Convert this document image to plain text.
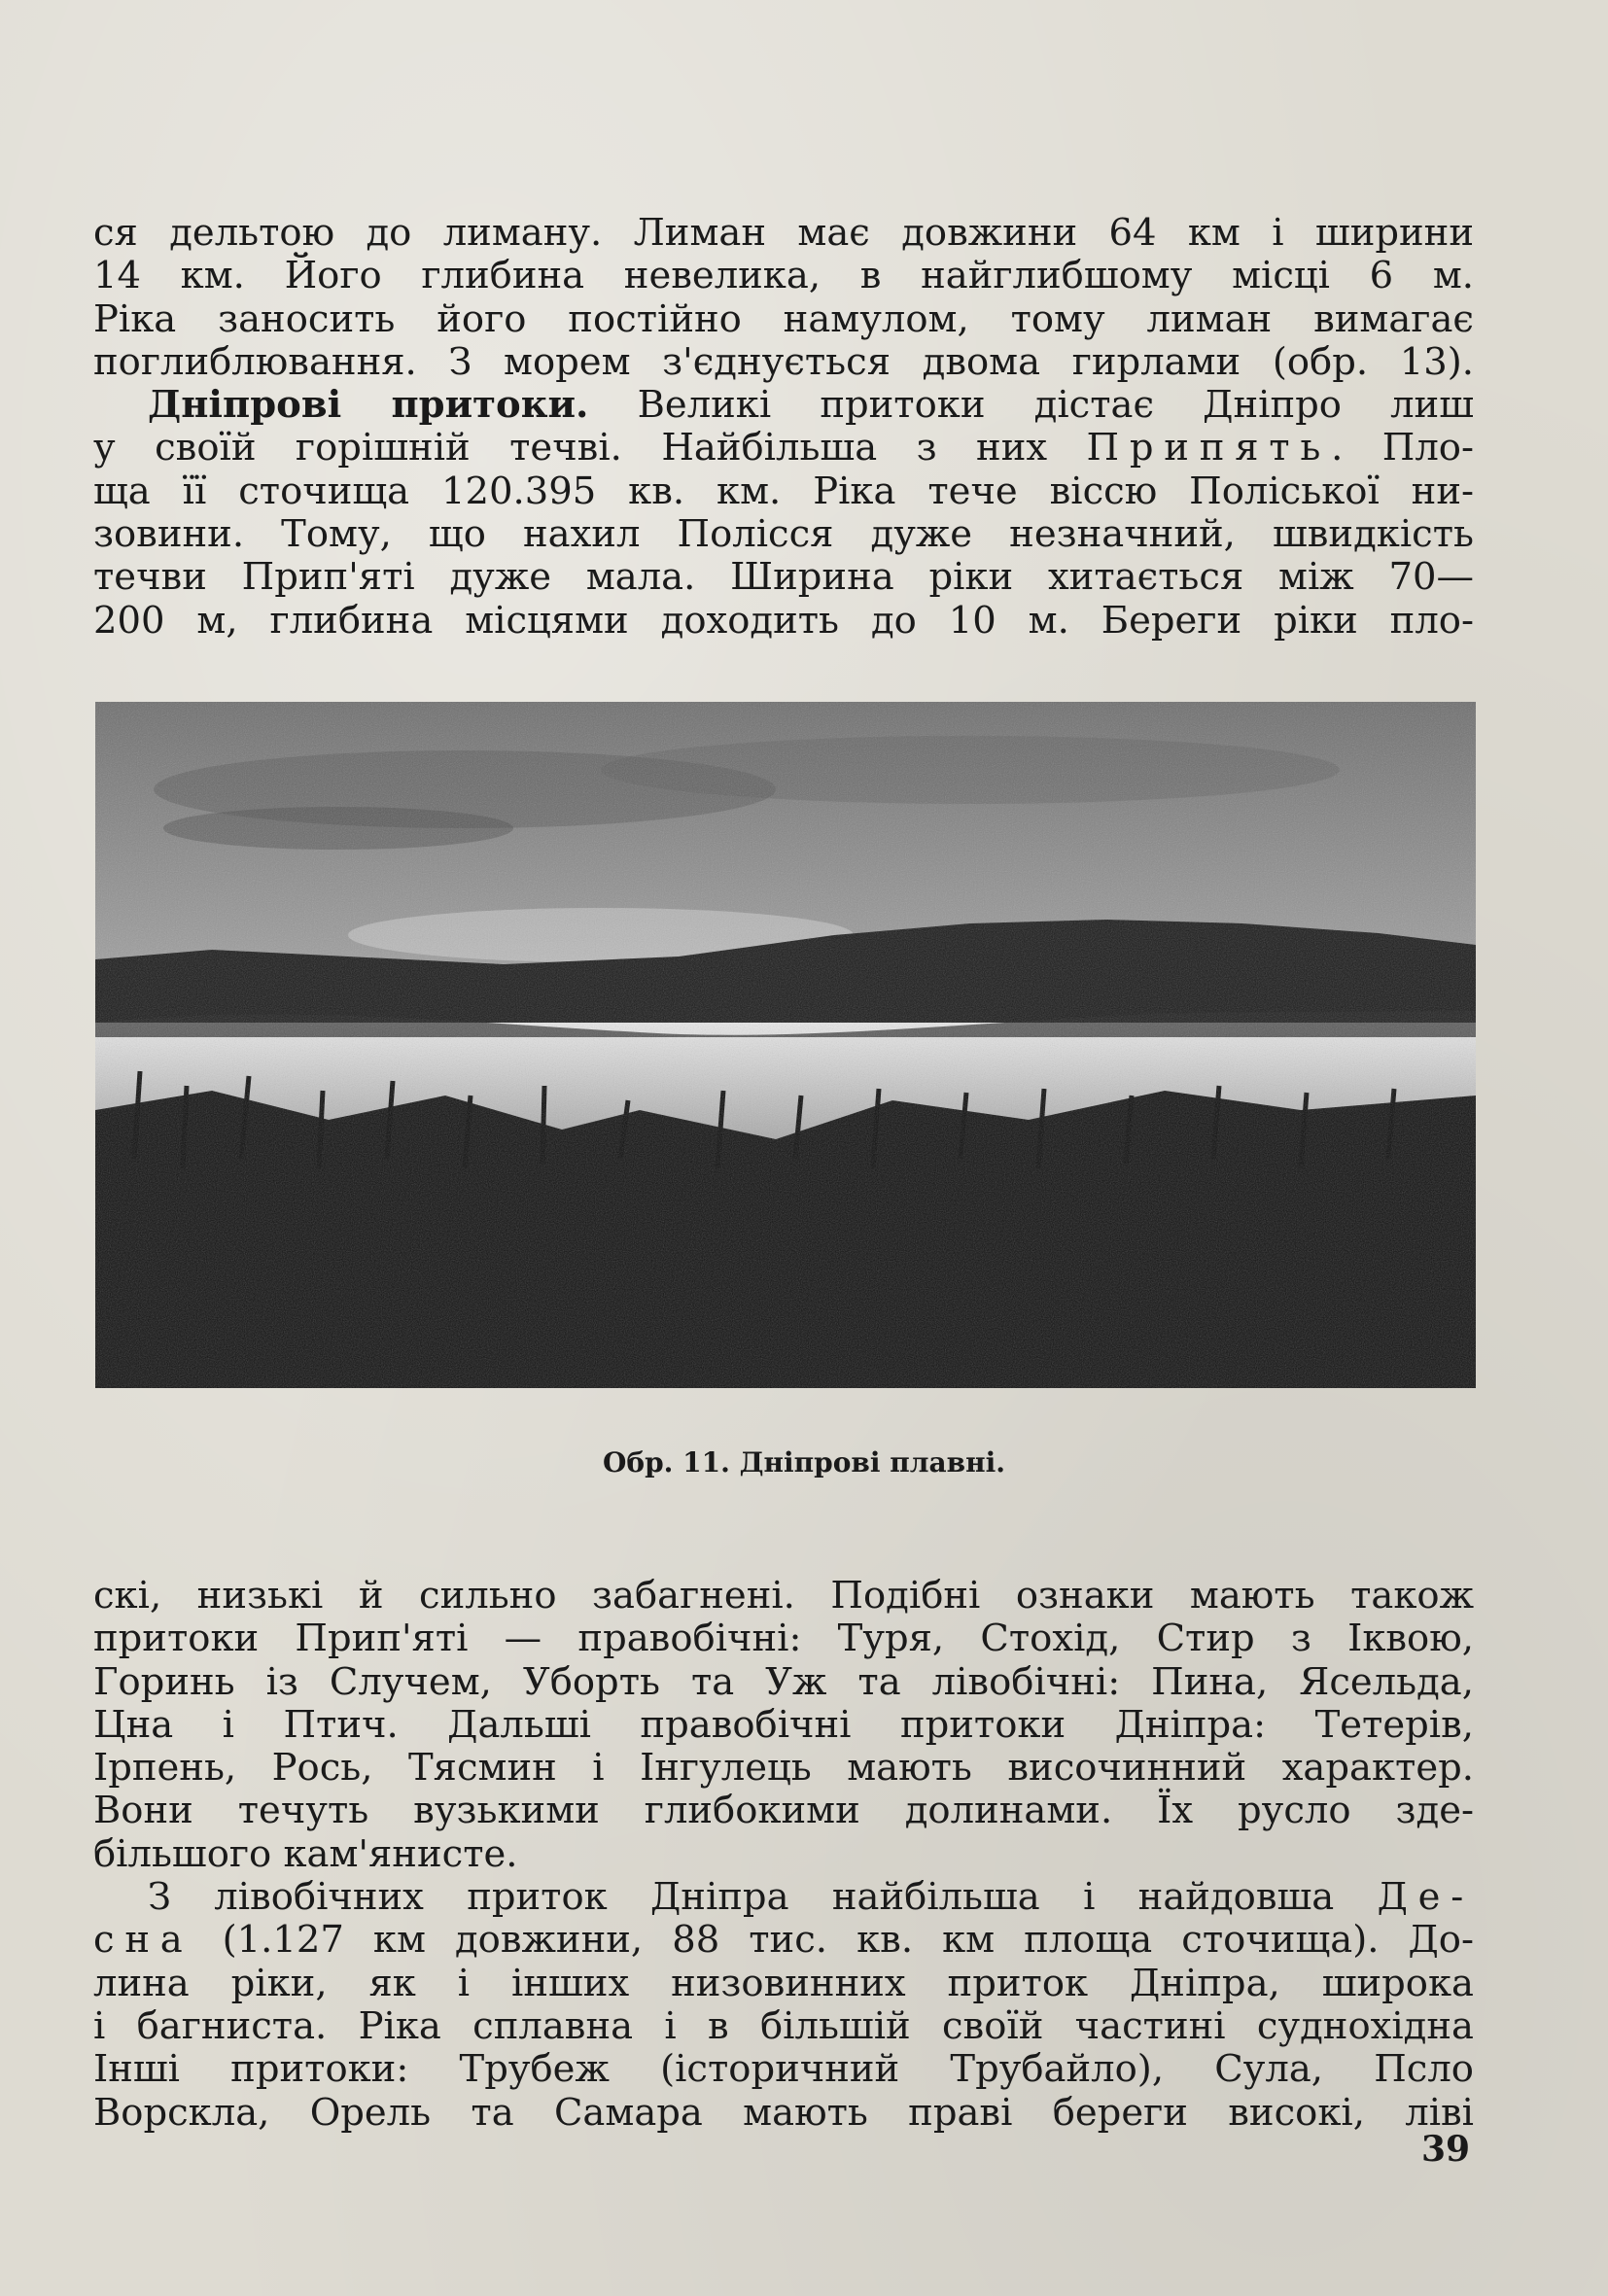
ся дельтою до лиману. Лиман має довжини 64 км і ширини
14 км. Його глибина невелика, в найглибшому місці 6 м.
Ріка заносить його постійно намулом, тому лиман вимагає
поглиблювання. З морем з'єднується двома гирлами (обр. 13).
Дніпрові притоки. Великі притоки дістає Дніпро лиш
у своїй горішній течві. Найбільша з них Припять. Пло-
ща її сточища 120.395 кв. км. Ріка тече віссю Поліської ни-
зовини. Тому, що нахил Полісся дуже незначний, швидкість
течви Прип'яті дуже мала. Ширина ріки хитається між 70—
200 м, глибина місцями доходить до 10 м. Береги ріки пло-
Обр. 11. Дніпрові плавні.
скі, низькі й сильно забагнені. Подібні ознаки мають також
притоки Прип'яті — правобічні: Туря, Стохід, Стир з Іквою,
Горинь із Случем, Уборть та Уж та лівобічні: Пина, Ясельда,
Цна і Птич. Дальші правобічні притоки Дніпра: Тетерів,
Ірпень, Рось, Тясмин і Інгулець мають височинний характер.
Вони течуть вузькими глибокими долинами. Їх русло зде-
більшого кам'янисте.
З лівобічних приток Дніпра найбільша і найдовша Де-
сна (1.127 км довжини, 88 тис. кв. км площа сточища). До-
лина ріки, як і інших низовинних приток Дніпра, широка
і багниста. Ріка сплавна і в більшій своїй частині суднохідна
Інші притоки: Трубеж (історичний Трубайло), Сула, Псло
Ворскла, Орель та Самара мають праві береги високі, ліві
39
